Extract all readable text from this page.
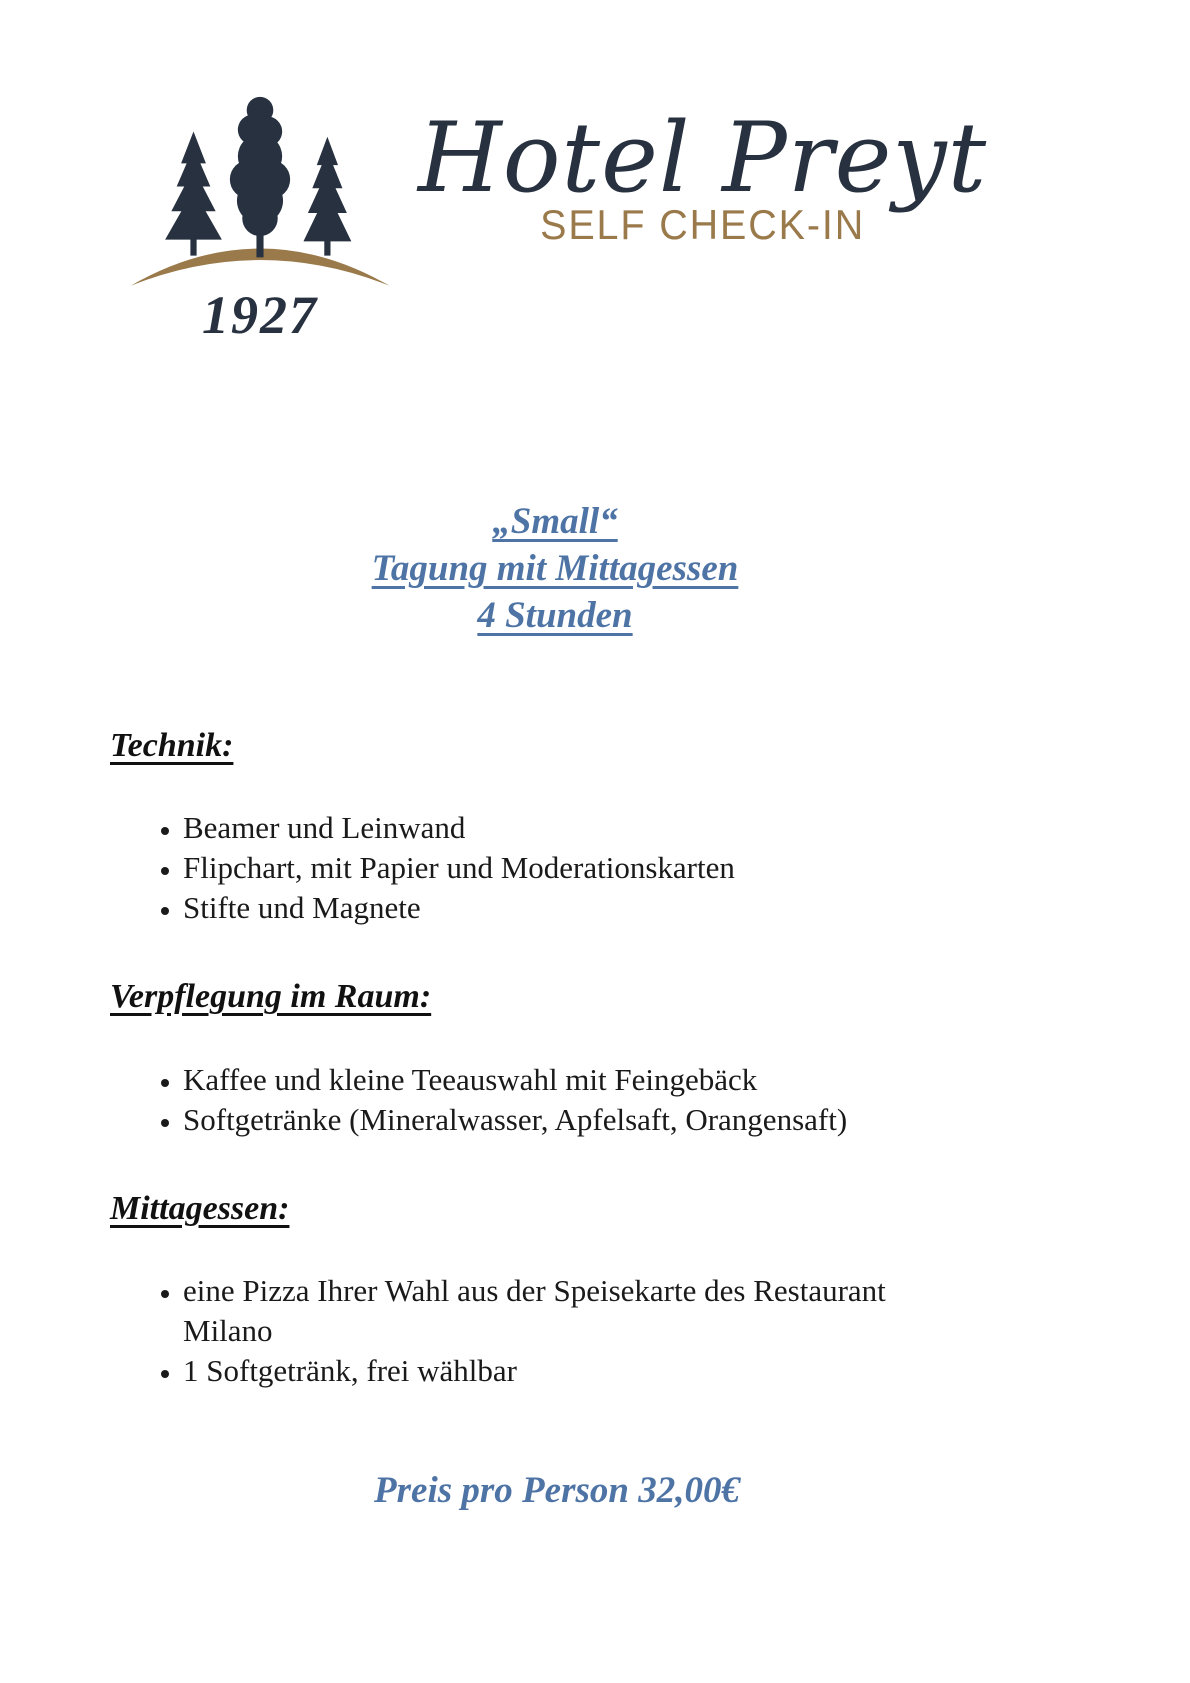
1927
Hotel Preyt
SELF CHECK-IN
„Small“
Tagung mit Mittagessen
4 Stunden
Technik:
• Beamer und Leinwand
• Flipchart, mit Papier und Moderationskarten
• Stifte und Magnete
Verpflegung im Raum:
• Kaffee und kleine Teeauswahl mit Feingebäck
• Softgetränke (Mineralwasser, Apfelsaft, Orangensaft)
Mittagessen:
• eine Pizza Ihrer Wahl aus der Speisekarte des Restaurant Milano
• 1 Softgetränk, frei wählbar
Preis pro Person 32,00€
